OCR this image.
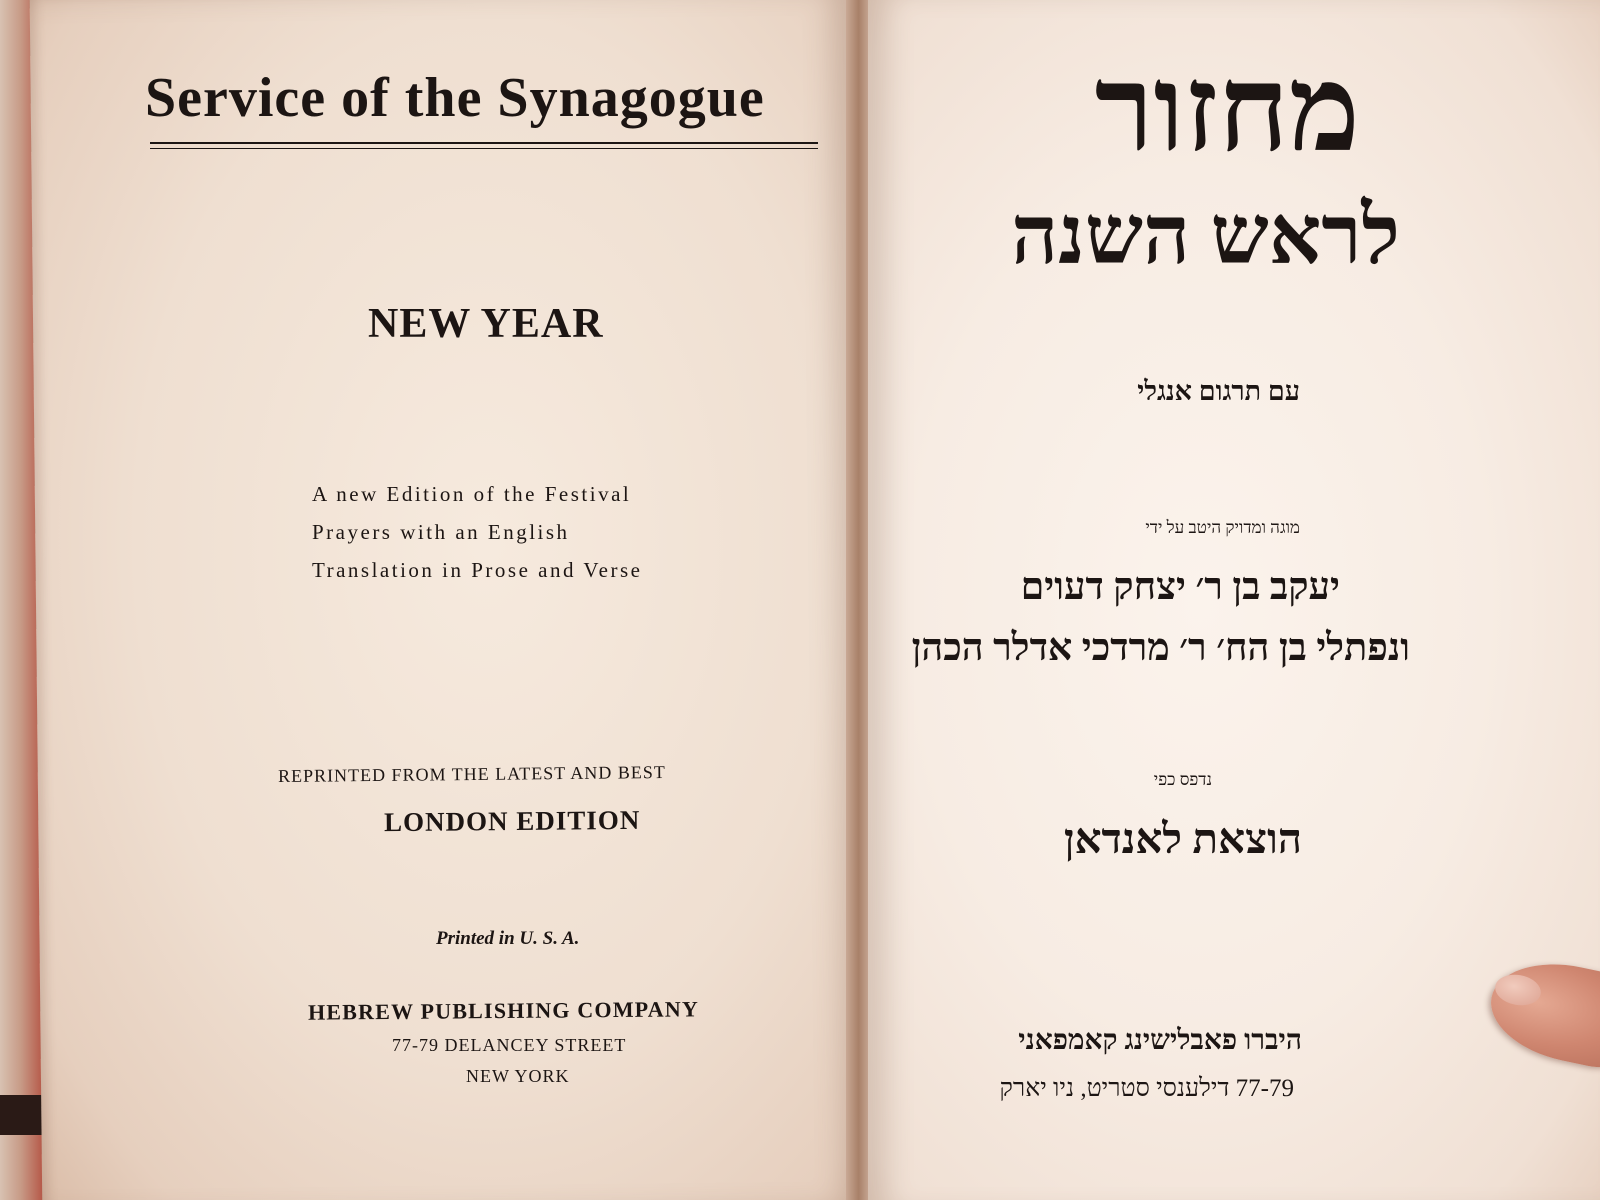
Service of the Synagogue
NEW YEAR
A new Edition of the Festival
Prayers with an English
Translation in Prose and Verse
REPRINTED FROM THE LATEST AND BEST
LONDON EDITION
Printed in U. S. A.
HEBREW PUBLISHING COMPANY
77-79 DELANCEY STREET
NEW YORK
מחזור
לראש השנה
עם תרגום אנגלי
מוגה ומדויק היטב על ידי
יעקב בן ר׳ יצחק דעוים
ונפתלי בן הח׳ ר׳ מרדכי אדלר הכהן
נדפס כפי
הוצאת לאנדאן
היברו פאבלישינג קאמפאני
77-79 דילענסי סטריט, ניו יארק
